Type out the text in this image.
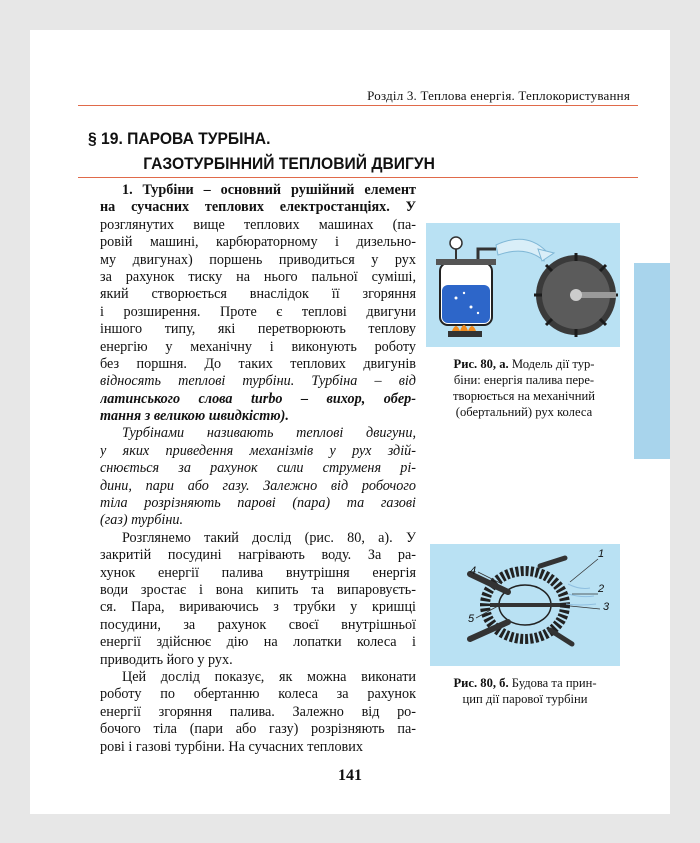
Розділ 3. Теплова енергія. Теплокористування
§ 19. ПАРОВА ТУРБІНА.
ГАЗОТУРБІННИЙ ТЕПЛОВИЙ ДВИГУН
1. Турбіни – основний рушійний елемент
на сучасних теплових електростанціях. У
розглянутих вище теплових машинах (па-
ровій машині, карбюраторному і дизельно-
му двигунах) поршень приводиться у рух
за рахунок тиску на нього пальної суміші,
який створюється внаслідок її згоряння
і розширення. Проте є теплові двигуни
іншого типу, які перетворюють теплову
енергію у механічну і виконують роботу
без поршня. До таких теплових двигунів
відносять теплові турбіни. Турбіна – від
латинського слова turbo – вихор, обер-
тання з великою швидкістю).
Турбінами називають теплові двигуни,
у яких приведення механізмів у рух здій-
снюється за рахунок сили струменя рі-
дини, пари або газу. Залежно від робочого
тіла розрізняють парові (пара) та газові
(газ) турбіни.
Розглянемо такий дослід (рис. 80, а). У
закритій посудині нагрівають воду. За ра-
хунок енергії палива внутрішня енергія
води зростає і вона кипить та випаровуєть-
ся. Пара, вириваючись з трубки у кришці
посудини, за рахунок своєї внутрішньої
енергії здійснює дію на лопатки колеса і
приводить його у рух.
Цей дослід показує, як можна виконати
роботу по обертанню колеса за рахунок
енергії згоряння палива. Залежно від ро-
бочого тіла (пари або газу) розрізняють па-
рові і газові турбіни. На сучасних теплових
Рис. 80, а. Модель дії тур-
біни: енергія палива пере-
творюється на механічний
(обертальний) рух колеса
1
2
3
4
5
Рис. 80, б. Будова та прин-
цип дії парової турбіни
141
